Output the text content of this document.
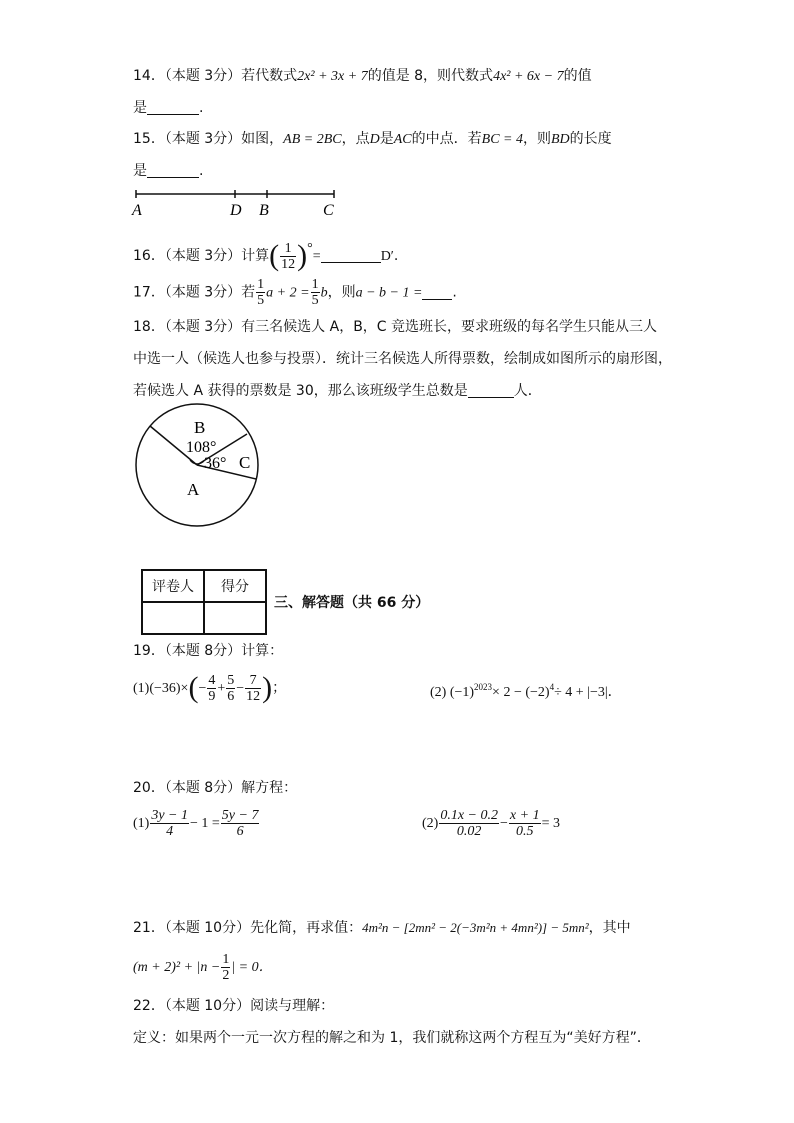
14．（本题 3分）若代数式2x² + 3x + 7的值是 8，则代数式4x² + 6x − 7的值
是	.
15．（本题 3分）如图，AB = 2BC，点D是AC的中点．若BC = 4，则BD的长度
是	.
A	D B	C
16．（本题 3分）计算( $\frac{1}{12}$ )°=	D′.
17．（本题 3分）若 $\frac{1}{5}$ $a + 2 = \frac{1}{5}$ b，则a − b − 1 = .
18．（本题 3分）有三名候选人 A，B，C 竞选班长，要求班级的每名学生只能从三人
中选一人（候选人也参与投票）．统计三名候选人所得票数，绘制成如图所示的扇形图，
若候选人 A 获得的票数是 30，那么该班级学生总数是	人．
B
108°
36° C
A
评卷人	得分

三、解答题（共 66 分）
19．（本题 8分）计算：
$(1)(-36)\times(- \frac{4}{9} + \frac{5}{6} - \frac{7}{12}$ )；	(2) $(-1)^{2023}\times 2 - (-2)^4\div 4 + |-3|$．
20．（本题 8分）解方程：
$(1) \frac{3y - 1}{4} - 1 = \frac{5y - 7}{6}$	$(2) \frac{0.1x - 0.2}{0.02} - \frac{x + 1}{0.5} = 3$
21．（本题 10分）先化简，再求值：4m²n − [2mn² − 2(−3m²n + 4mn²)] − 5mn²，其中
$(m + 2)^2 + |n - \frac{1}{2}$ | = 0．
22．（本题 10分）阅读与理解：
定义：如果两个一元一次方程的解之和为 1，我们就称这两个方程互为“美好方程”．
